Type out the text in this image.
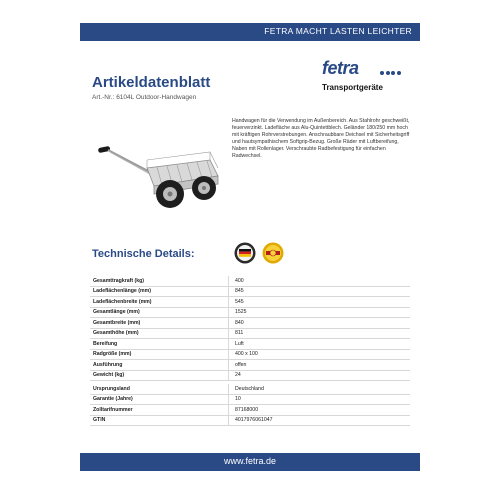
FETRA MACHT LASTEN LEICHTER
Artikeldatenblatt
Art.-Nr.: 6104L Outdoor-Handwagen
fetra
Transportgeräte
Handwagen für die Verwendung im Außenbereich. Aus Stahlrohr geschweißt, feuerverzinkt. Ladefläche aus Alu-Quintettblech. Geländer 180/250 mm hoch mit kräftigen Rohrverstrebungen. Anschraubbare Deichsel mit Sicherheitsgriff und hautsympathischem Softgrip-Bezug. Große Räder mit Luftbereifung, Naben mit Rollenlager. Verschraubte Radbefestigung für einfachen Radwechsel.
Technische Details:
Gesamttragkraft (kg)	400
Ladeflächenlänge (mm)	845
Ladeflächenbreite (mm)	545
Gesamtlänge (mm)	1525
Gesamtbreite (mm)	840
Gesamthöhe (mm)	811
Bereifung	Luft
Radgröße (mm)	400 x 100
Ausführung	offen
Gewicht (kg)	24

Ursprungsland	Deutschland
Garantie (Jahre)	10
Zolltarifnummer	87168000
GTIN	4017976061047
www.fetra.de
